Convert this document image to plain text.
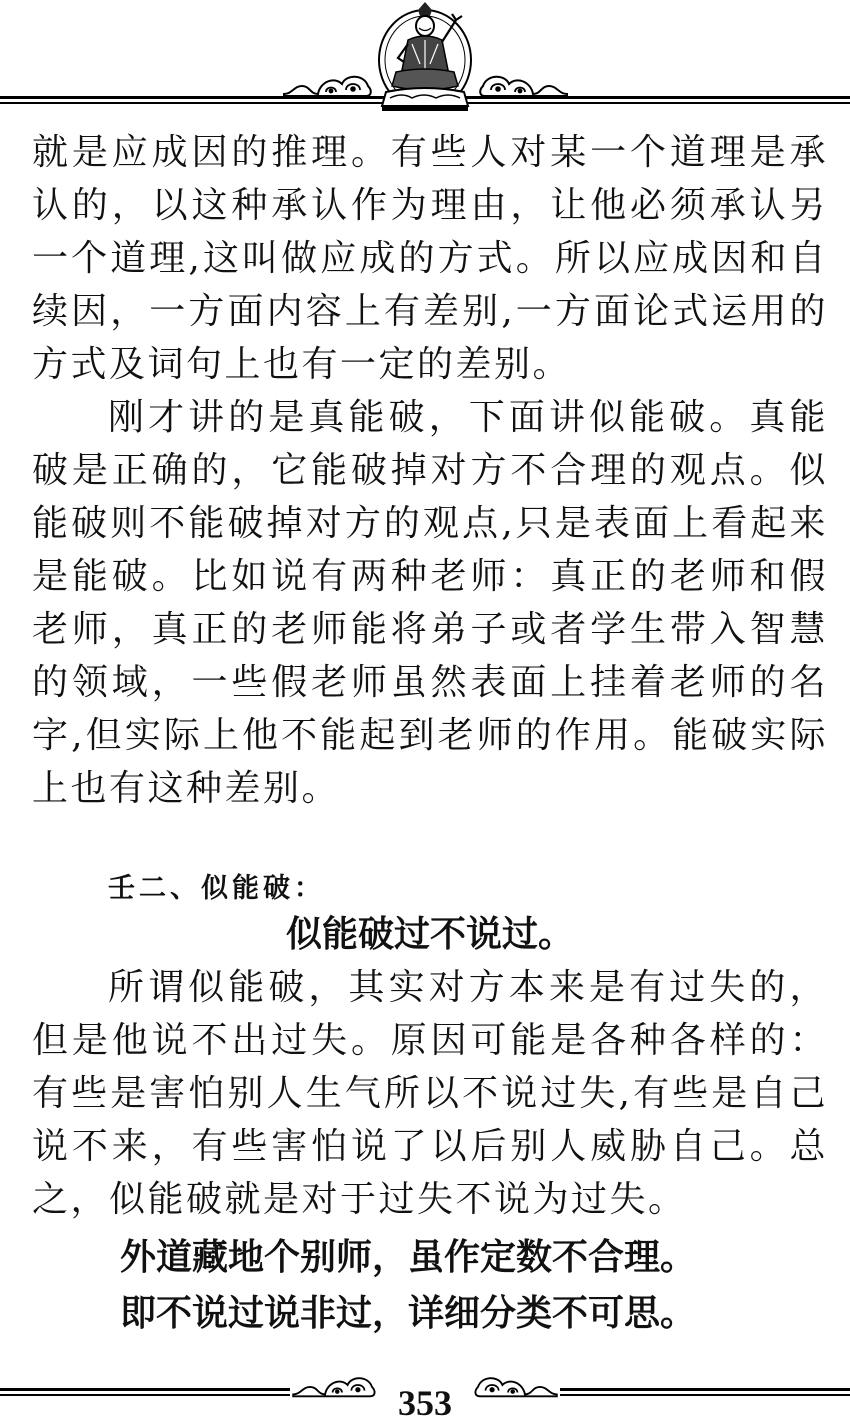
就是应成因的推理。有些人对某一个道理是承认的，以这种承认作为理由，让他必须承认另一个道理,这叫做应成的方式。所以应成因和自续因，一方面内容上有差别,一方面论式运用的方式及词句上也有一定的差别。

刚才讲的是真能破，下面讲似能破。真能破是正确的，它能破掉对方不合理的观点。似能破则不能破掉对方的观点,只是表面上看起来是能破。比如说有两种老师：真正的老师和假老师，真正的老师能将弟子或者学生带入智慧的领域，一些假老师虽然表面上挂着老师的名字,但实际上他不能起到老师的作用。能破实际上也有这种差别。

壬二、似能破：

似能破过不说过。

所谓似能破，其实对方本来是有过失的，但是他说不出过失。原因可能是各种各样的：有些是害怕别人生气所以不说过失,有些是自己说不来，有些害怕说了以后别人威胁自己。总之，似能破就是对于过失不说为过失。

外道藏地个别师，虽作定数不合理。

即不说过说非过，详细分类不可思。

353
